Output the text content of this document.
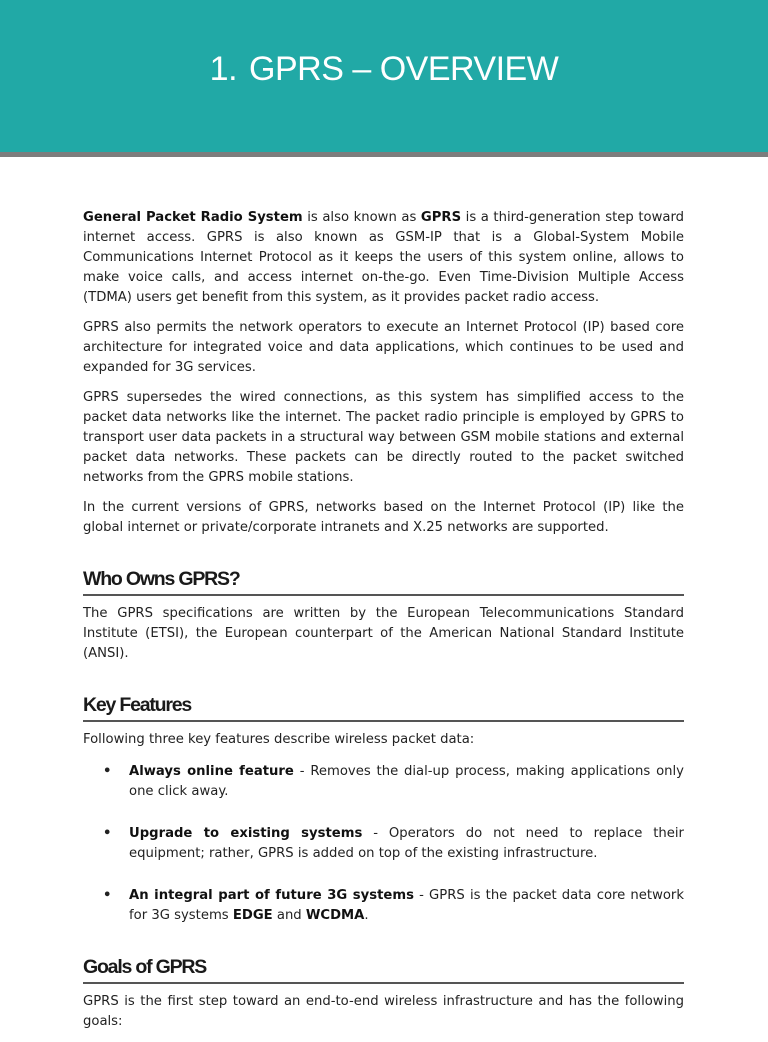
1. GPRS – OVERVIEW

General Packet Radio System is also known as GPRS is a third-generation step toward internet access. GPRS is also known as GSM-IP that is a Global-System Mobile Communications Internet Protocol as it keeps the users of this system online, allows to make voice calls, and access internet on-the-go. Even Time-Division Multiple Access (TDMA) users get benefit from this system, as it provides packet radio access.

GPRS also permits the network operators to execute an Internet Protocol (IP) based core architecture for integrated voice and data applications, which continues to be used and expanded for 3G services.

GPRS supersedes the wired connections, as this system has simplified access to the packet data networks like the internet. The packet radio principle is employed by GPRS to transport user data packets in a structural way between GSM mobile stations and external packet data networks. These packets can be directly routed to the packet switched networks from the GPRS mobile stations.

In the current versions of GPRS, networks based on the Internet Protocol (IP) like the global internet or private/corporate intranets and X.25 networks are supported.

Who Owns GPRS?

The GPRS specifications are written by the European Telecommunications Standard Institute (ETSI), the European counterpart of the American National Standard Institute (ANSI).

Key Features

Following three key features describe wireless packet data:

• Always online feature - Removes the dial-up process, making applications only one click away.
• Upgrade to existing systems - Operators do not need to replace their equipment; rather, GPRS is added on top of the existing infrastructure.
• An integral part of future 3G systems - GPRS is the packet data core network for 3G systems EDGE and WCDMA.
Goals of GPRS

GPRS is the first step toward an end-to-end wireless infrastructure and has the following goals:
